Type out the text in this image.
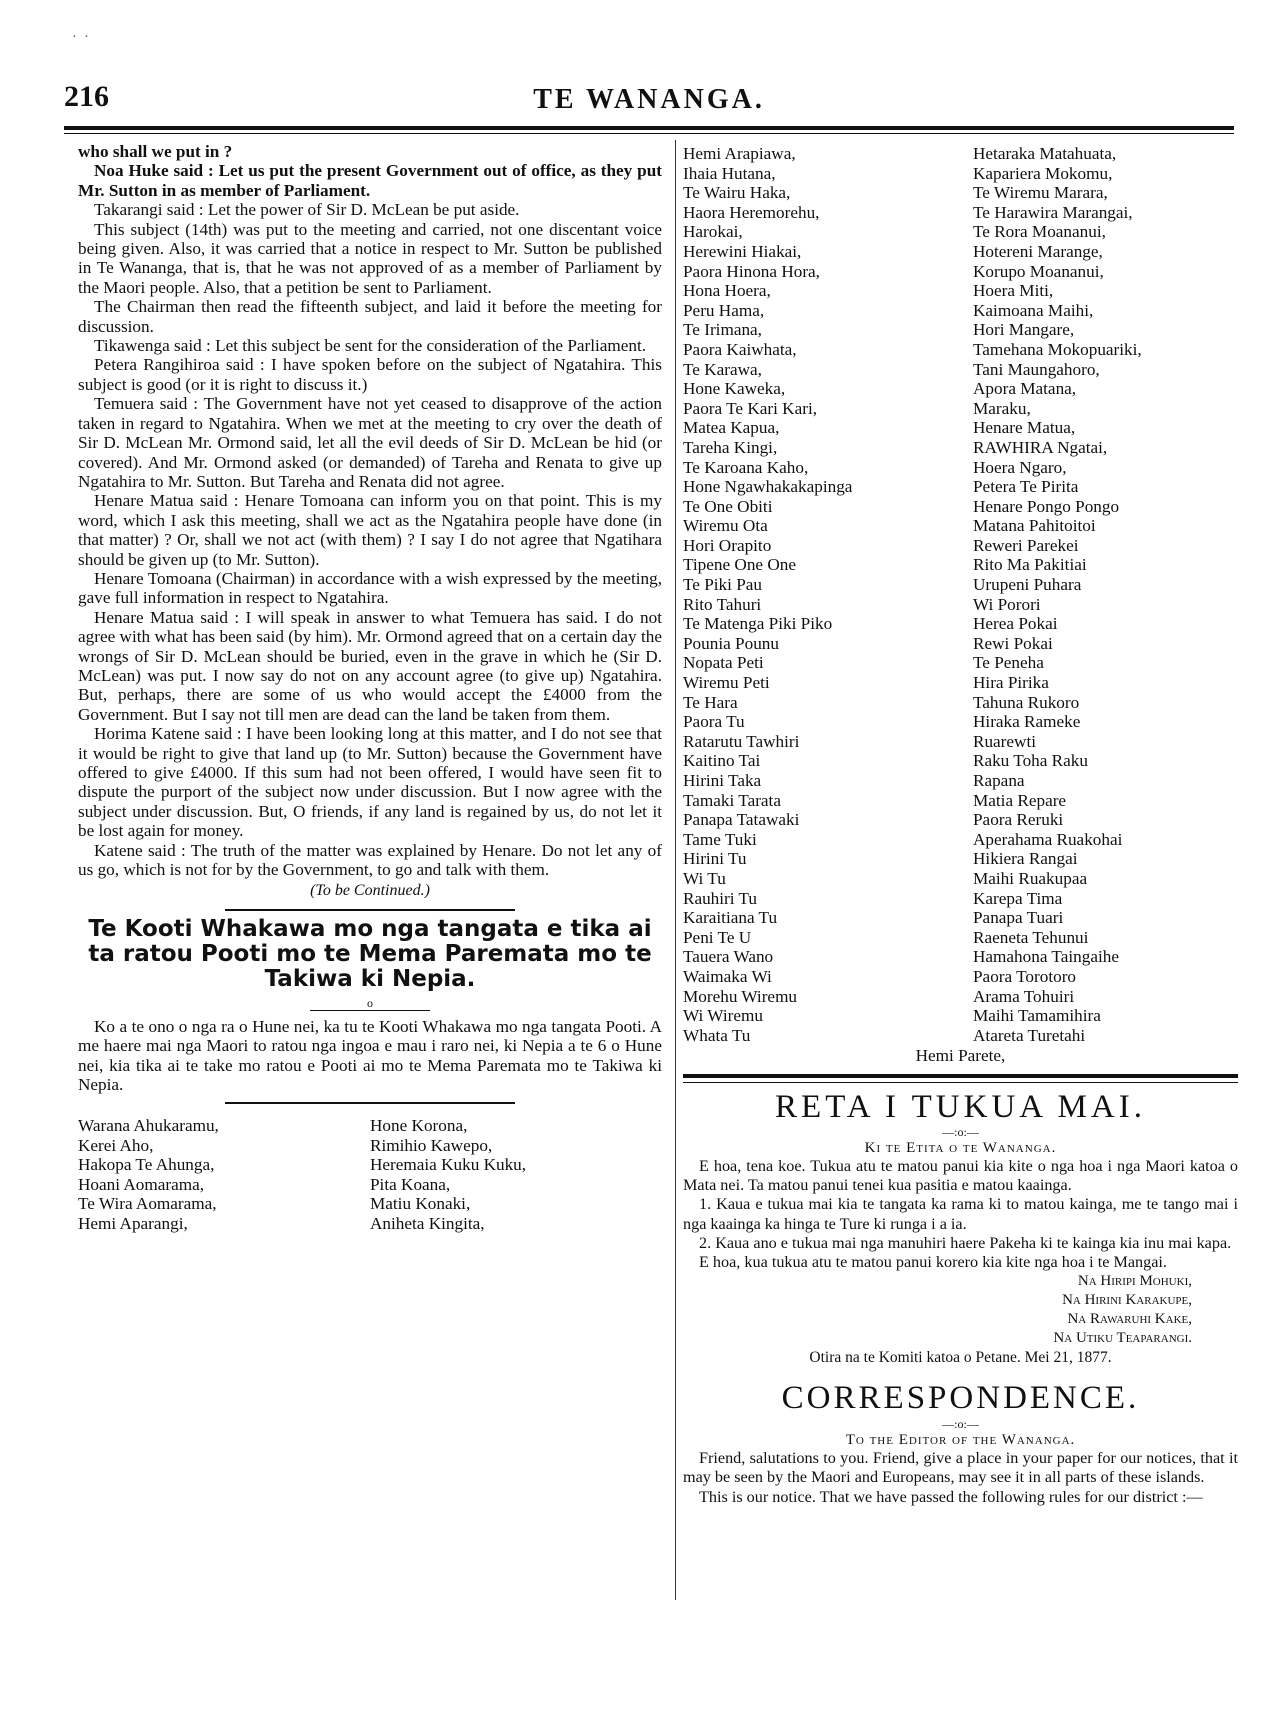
· ·
216	TE WANANGA.

who shall we put in ?

Noa Huke said : Let us put the present Government out of office, as they put Mr. Sutton in as member of Parliament.

Takarangi said : Let the power of Sir D. McLean be put aside.

This subject (14th) was put to the meeting and carried, not one discentant voice being given. Also, it was carried that a notice in respect to Mr. Sutton be published in Te Wananga, that is, that he was not approved of as a member of Parliament by the Maori people. Also, that a petition be sent to Parliament.

The Chairman then read the fifteenth subject, and laid it before the meeting for discussion.

Tikawenga said : Let this subject be sent for the consideration of the Parliament.

Petera Rangihiroa said : I have spoken before on the subject of Ngatahira. This subject is good (or it is right to discuss it.)

Temuera said : The Government have not yet ceased to disapprove of the action taken in regard to Ngatahira. When we met at the meeting to cry over the death of Sir D. McLean Mr. Ormond said, let all the evil deeds of Sir D. McLean be hid (or covered). And Mr. Ormond asked (or demanded) of Tareha and Renata to give up Ngatahira to Mr. Sutton. But Tareha and Renata did not agree.

Henare Matua said : Henare Tomoana can inform you on that point. This is my word, which I ask this meeting, shall we act as the Ngatahira people have done (in that matter) ? Or, shall we not act (with them) ? I say I do not agree that Ngatihara should be given up (to Mr. Sutton).

Henare Tomoana (Chairman) in accordance with a wish expressed by the meeting, gave full information in respect to Ngatahira.

Henare Matua said : I will speak in answer to what Temuera has said. I do not agree with what has been said (by him). Mr. Ormond agreed that on a certain day the wrongs of Sir D. McLean should be buried, even in the grave in which he (Sir D. McLean) was put. I now say do not on any account agree (to give up) Ngatahira. But, perhaps, there are some of us who would accept the £4000 from the Government. But I say not till men are dead can the land be taken from them.

Horima Katene said : I have been looking long at this matter, and I do not see that it would be right to give that land up (to Mr. Sutton) because the Government have offered to give £4000. If this sum had not been offered, I would have seen fit to dispute the purport of the subject now under discussion. But I now agree with the subject under discussion. But, O friends, if any land is regained by us, do not let it be lost again for money.

Katene said : The truth of the matter was explained by Henare. Do not let any of us go, which is not for by the Government, to go and talk with them.

(To be Continued.)
Te Kooti Whakawa mo nga tangata e tika ai ta ratou Pooti mo te Mema Paremata mo te Takiwa ki Nepia.
o

Ko a te ono o nga ra o Hune nei, ka tu te Kooti Whakawa mo nga tangata Pooti. A me haere mai nga Maori to ratou nga ingoa e mau i raro nei, ki Nepia a te 6 o Hune nei, kia tika ai te take mo ratou e Pooti ai mo te Mema Paremata mo te Takiwa ki Nepia.

Warana Ahukaramu,
Kerei Aho,
Hakopa Te Ahunga,
Hoani Aomarama,
Te Wira Aomarama,
Hemi Aparangi,
Hone Korona,
Rimihio Kawepo,
Heremaia Kuku Kuku,
Pita Koana,
Matiu Konaki,
Aniheta Kingita,
Hemi Arapiawa,
Ihaia Hutana,
Te Wairu Haka,
Haora Heremorehu,
Harokai,
Herewini Hiakai,
Paora Hinona Hora,
Hona Hoera,
Peru Hama,
Te Irimana,
Paora Kaiwhata,
Te Karawa,
Hone Kaweka,
Paora Te Kari Kari,
Matea Kapua,
Tareha Kingi,
Te Karoana Kaho,
Hone Ngawhakakapinga
Te One Obiti
Wiremu Ota
Hori Orapito
Tipene One One
Te Piki Pau
Rito Tahuri
Te Matenga Piki Piko
Pounia Pounu
Nopata Peti
Wiremu Peti
Te Hara
Paora Tu
Ratarutu Tawhiri
Kaitino Tai
Hirini Taka
Tamaki Tarata
Panapa Tatawaki
Tame Tuki
Hirini Tu
Wi Tu
Rauhiri Tu
Karaitiana Tu
Peni Te U
Tauera Wano
Waimaka Wi
Morehu Wiremu
Wi Wiremu
Whata Tu
Hetaraka Matahuata,
Kapariera Mokomu,
Te Wiremu Marara,
Te Harawira Marangai,
Te Rora Moananui,
Hotereni Marange,
Korupo Moananui,
Hoera Miti,
Kaimoana Maihi,
Hori Mangare,
Tamehana Mokopuariki,
Tani Maungahoro,
Apora Matana,
Maraku,
Henare Matua,
RAWHIRA Ngatai,
Hoera Ngaro,
Petera Te Pirita
Henare Pongo Pongo
Matana Pahitoitoi
Reweri Parekei
Rito Ma Pakitiai
Urupeni Puhara
Wi Porori
Herea Pokai
Rewi Pokai
Te Peneha
Hira Pirika
Tahuna Rukoro
Hiraka Rameke
Ruarewti
Raku Toha Raku
Rapana
Matia Repare
Paora Reruki
Aperahama Ruakohai
Hikiera Rangai
Maihi Ruakupaa
Karepa Tima
Panapa Tuari
Raeneta Tehunui
Hamahona Taingaihe
Paora Torotoro
Arama Tohuiri
Maihi Tamamihira
Atareta Turetahi
Hemi Parete,
RETA I TUKUA MAI.
—:o:—
Ki te Etita o te Wananga.

E hoa, tena koe. Tukua atu te matou panui kia kite o nga hoa i nga Maori katoa o Mata nei. Ta matou panui tenei kua pasitia e matou kaainga.

1. Kaua e tukua mai kia te tangata ka rama ki to matou kainga, me te tango mai i nga kaainga ka hinga te Ture ki runga i a ia.

2. Kaua ano e tukua mai nga manuhiri haere Pakeha ki te kainga kia inu mai kapa.

E hoa, kua tukua atu te matou panui korero kia kite nga hoa i te Mangai.

Na Hiripi Mohuki,
Na Hirini Karakupe,
Na Rawaruhi Kake,
Na Utiku Teaparangi.
Otira na te Komiti katoa o Petane. Mei 21, 1877.
CORRESPONDENCE.
—:o:—
To the Editor of the Wananga.

Friend, salutations to you. Friend, give a place in your paper for our notices, that it may be seen by the Maori and Europeans, may see it in all parts of these islands.

This is our notice. That we have passed the following rules for our district :—
